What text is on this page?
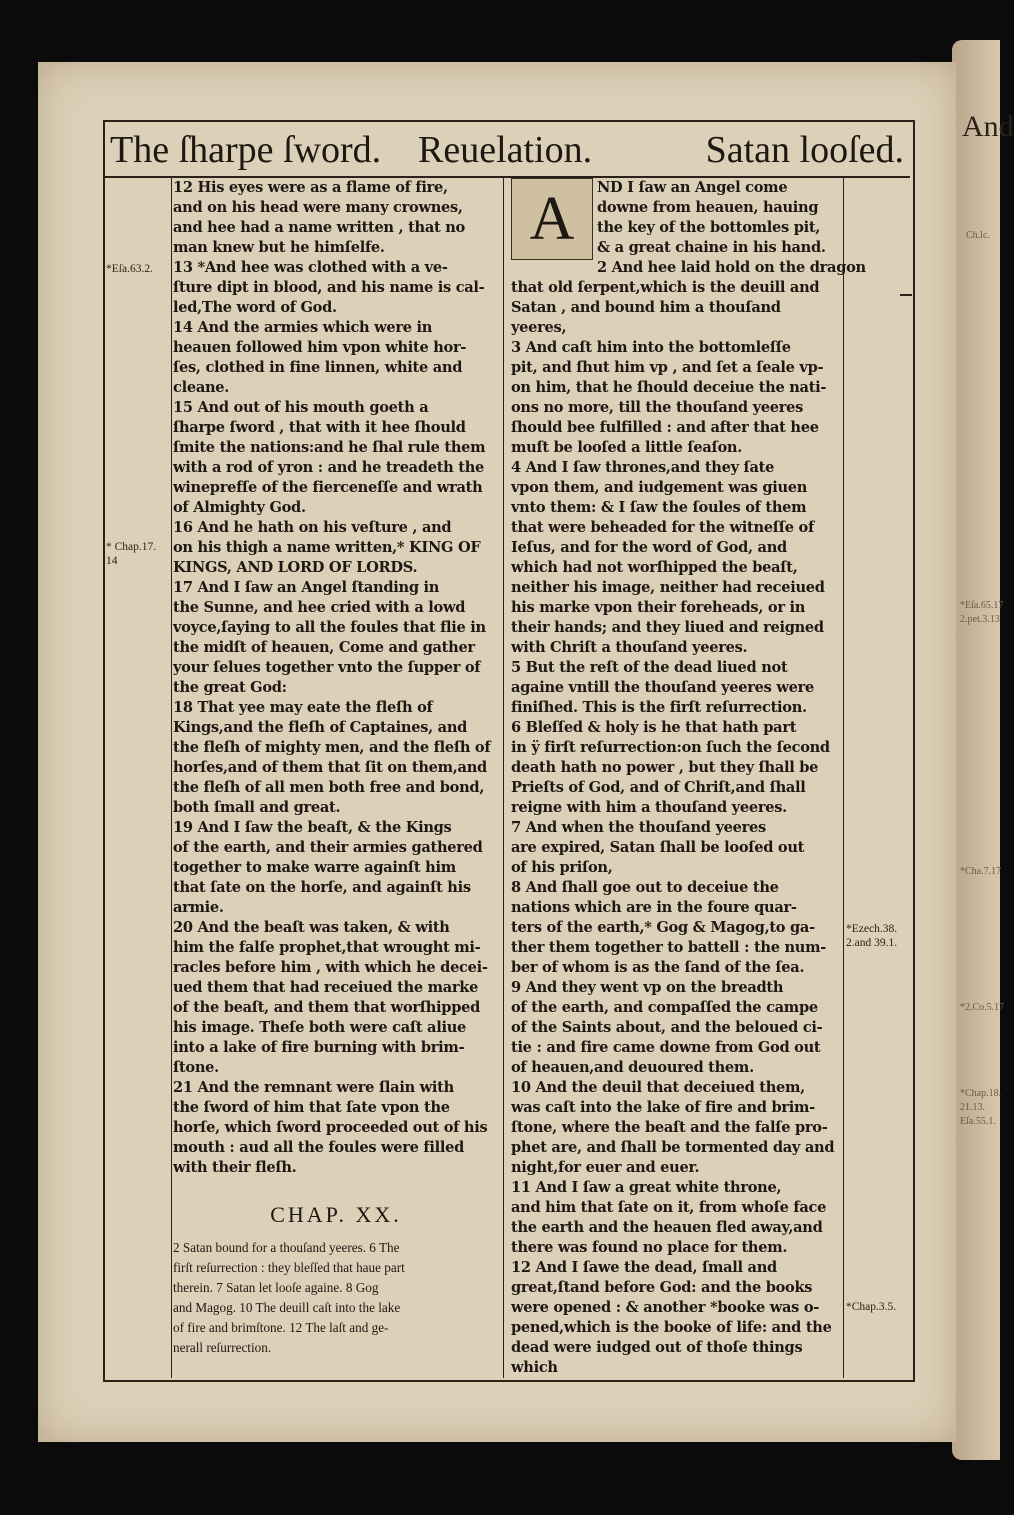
And
Ch.lc.
*Eſa.65.17
2.pet.3.13
*Cha.7.17
*2.Co.5.17
*Chap.18.
21.13.
Eſa.55.1.
The ſharpe ſword. Reuelation.	Satan looſed.
*Eſa.63.2.
* Chap.17. 14
*Ezech.38. 2.and 39.1.
*Chap.3.5.
12 His eyes were as a flame of fire,
and on his head were many crownes,
and hee had a name written , that no
man knew but he himſelfe.
13 *And hee was clothed with a ve-
ſture dipt in blood, and his name is cal-
led,The word of God.
14 And the armies which were in
heauen followed him vpon white hor-
ſes, clothed in fine linnen, white and
cleane.
15 And out of his mouth goeth a
ſharpe ſword , that with it hee ſhould
ſmite the nations:and he ſhal rule them
with a rod of yron : and he treadeth the
wineprefſe of the fierceneſſe and wrath
of Almighty God.
16 And he hath on his veſture , and
on his thigh a name written,* KING OF
KINGS, AND LORD OF LORDS.
17 And I ſaw an Angel ſtanding in
the Sunne, and hee cried with a lowd
voyce,ſaying to all the foules that flie in
the midſt of heauen, Come and gather
your ſelues together vnto the ſupper of
the great God:
18 That yee may eate the fleſh of
Kings,and the fleſh of Captaines, and
the fleſh of mighty men, and the fleſh of
horſes,and of them that ſit on them,and
the fleſh of all men both free and bond,
both ſmall and great.
19 And I ſaw the beaſt, & the Kings
of the earth, and their armies gathered
together to make warre againſt him
that ſate on the horſe, and againſt his
armie.
20 And the beaſt was taken, & with
him the falſe prophet,that wrought mi-
racles before him , with which he decei-
ued them that had receiued the marke
of the beaſt, and them that worſhipped
his image. Theſe both were caſt aliue
into a lake of fire burning with brim-
ſtone.
21 And the remnant were ſlain with
the ſword of him that ſate vpon the
horſe, which ſword proceeded out of his
mouth : aud all the foules were filled
with their fleſh.
CHAP. XX.
2 Satan bound for a thouſand yeeres. 6 The
firſt reſurrection : they bleſſed that haue part
therein. 7 Satan let looſe againe. 8 Gog
and Magog. 10 The deuill caſt into the lake
of fire and brimſtone. 12 The laſt and ge-
nerall reſurrection.
A	ND I ſaw an Angel come
downe from heauen, hauing
the key of the bottomles pit,
& a great chaine in his hand.
2 And hee laid hold on the dragon
that old ſerpent,which is the deuill and
Satan , and bound him a thouſand
yeeres,
3 And caſt him into the bottomleſſe
pit, and ſhut him vp , and ſet a ſeale vp-
on him, that he ſhould deceiue the nati-
ons no more, till the thouſand yeeres
ſhould bee fulfilled : and after that hee
muſt be looſed a little ſeaſon.
4 And I ſaw thrones,and they ſate
vpon them, and iudgement was giuen
vnto them: & I ſaw the ſoules of them
that were beheaded for the witneſſe of
Ieſus, and for the word of God, and
which had not worſhipped the beaſt,
neither his image, neither had receiued
his marke vpon their foreheads, or in
their hands; and they liued and reigned
with Chriſt a thouſand yeeres.
5 But the reſt of the dead liued not
againe vntill the thouſand yeeres were
finiſhed. This is the firſt reſurrection.
6 Bleſſed & holy is he that hath part
in ÿ firſt reſurrection:on ſuch the ſecond
death hath no power , but they ſhall be
Prieſts of God, and of Chriſt,and ſhall
reigne with him a thouſand yeeres.
7 And when the thouſand yeeres
are expired, Satan ſhall be looſed out
of his priſon,
8 And ſhall goe out to deceiue the
nations which are in the foure quar-
ters of the earth,* Gog & Magog,to ga-
ther them together to battell : the num-
ber of whom is as the ſand of the ſea.
9 And they went vp on the breadth
of the earth, and compaſſed the campe
of the Saints about, and the beloued ci-
tie : and fire came downe from God out
of heauen,and deuoured them.
10 And the deuil that deceiued them,
was caſt into the lake of fire and brim-
ſtone, where the beaſt and the falſe pro-
phet are, and ſhall be tormented day and
night,for euer and euer.
11 And I ſaw a great white throne,
and him that ſate on it, from whoſe face
the earth and the heauen fled away,and
there was found no place for them.
12 And I ſawe the dead, ſmall and
great,ſtand before God: and the books
were opened : & another *booke was o-
pened,which is the booke of life: and the
dead were iudged out of thoſe things
which
